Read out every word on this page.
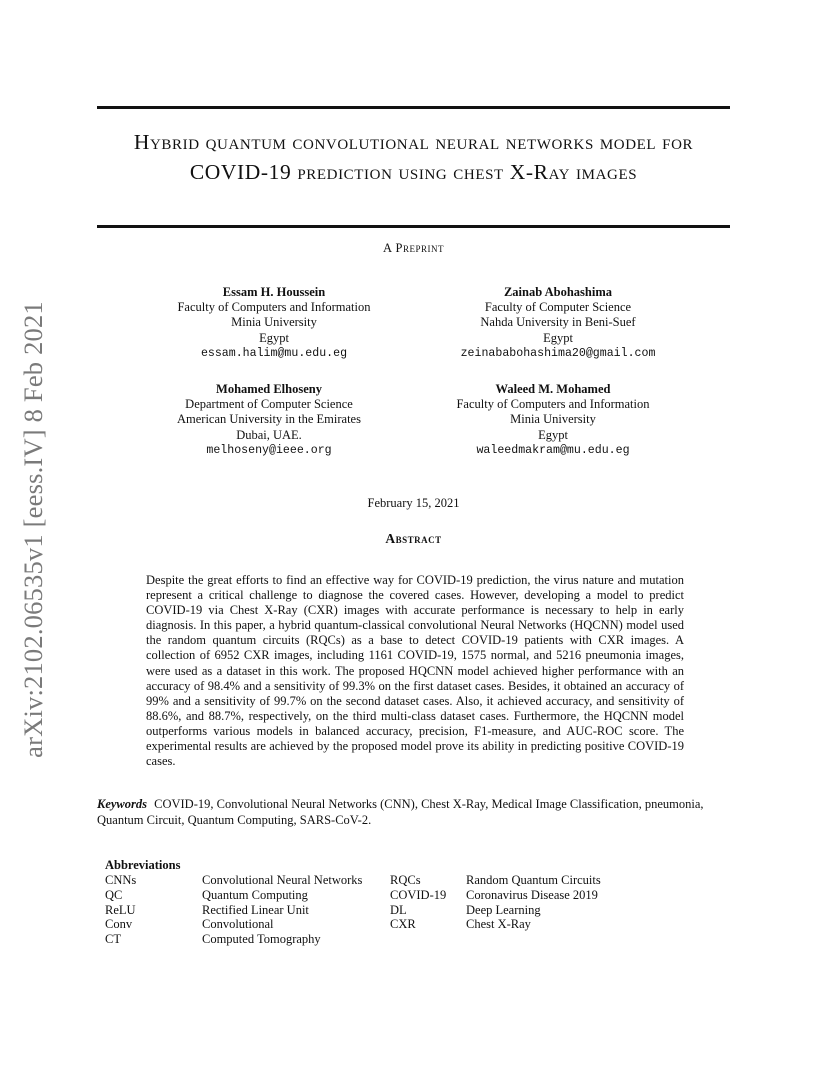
arXiv:2102.06535v1 [eess.IV] 8 Feb 2021
Hybrid quantum convolutional neural networks model for COVID-19 prediction using chest X-Ray images
A Preprint
Essam H. Houssein
Faculty of Computers and Information
Minia University
Egypt
essam.halim@mu.edu.eg
Zainab Abohashima
Faculty of Computer Science
Nahda University in Beni-Suef
Egypt
zeinababohashima20@gmail.com
Mohamed Elhoseny
Department of Computer Science
American University in the Emirates
Dubai, UAE.
melhoseny@ieee.org
Waleed M. Mohamed
Faculty of Computers and Information
Minia University
Egypt
waleedmakram@mu.edu.eg
February 15, 2021
Abstract
Despite the great efforts to find an effective way for COVID-19 prediction, the virus nature and mutation represent a critical challenge to diagnose the covered cases. However, developing a model to predict COVID-19 via Chest X-Ray (CXR) images with accurate performance is necessary to help in early diagnosis. In this paper, a hybrid quantum-classical convolutional Neural Networks (HQCNN) model used the random quantum circuits (RQCs) as a base to detect COVID-19 patients with CXR images. A collection of 6952 CXR images, including 1161 COVID-19, 1575 normal, and 5216 pneumonia images, were used as a dataset in this work. The proposed HQCNN model achieved higher performance with an accuracy of 98.4% and a sensitivity of 99.3% on the first dataset cases. Besides, it obtained an accuracy of 99% and a sensitivity of 99.7% on the second dataset cases. Also, it achieved accuracy, and sensitivity of 88.6%, and 88.7%, respectively, on the third multi-class dataset cases. Furthermore, the HQCNN model outperforms various models in balanced accuracy, precision, F1-measure, and AUC-ROC score. The experimental results are achieved by the proposed model prove its ability in predicting positive COVID-19 cases.
Keywords COVID-19, Convolutional Neural Networks (CNN), Chest X-Ray, Medical Image Classification, pneumonia, Quantum Circuit, Quantum Computing, SARS-CoV-2.
Abbreviations
CNNs	Convolutional Neural Networks	RQCs	Random Quantum Circuits
QC	Quantum Computing	COVID-19	Coronavirus Disease 2019
ReLU	Rectified Linear Unit	DL	Deep Learning
Conv	Convolutional	CXR	Chest X-Ray
CT	Computed Tomography		
